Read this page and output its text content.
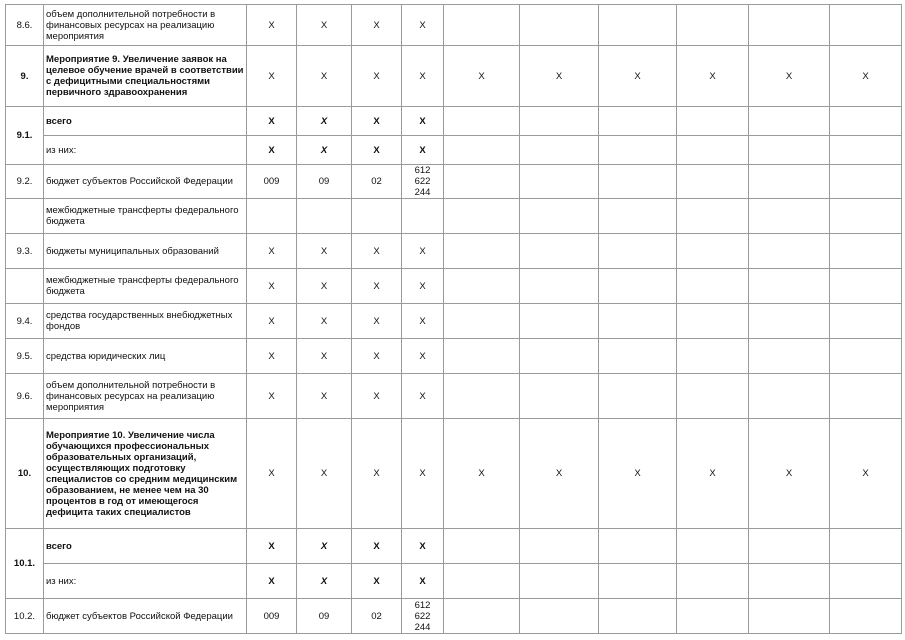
8.6.	объем дополнительной потребности в финансовых ресурсах на реализацию мероприятия	X	X	X	X						
9.	Мероприятие 9. Увеличение заявок на целевое обучение врачей в соответствии с дефицитными специальностями первичного здравоохранения	X	X	X	X	X	X	X	X	X	X
9.1.	всего	X	X	X	X						
	из них:	X	X	X	X						
9.2.	бюджет субъектов Российской Федерации	009	09	02	612
622
244						

	межбюджетные трансферты федерального бюджета										
9.3.	бюджеты муниципальных образований	X	X	X	X						
	межбюджетные трансферты федерального бюджета	X	X	X	X						
9.4.	средства государственных внебюджетных фондов	X	X	X	X						
9.5.	средства юридических лиц	X	X	X	X						
9.6.	объем дополнительной потребности в финансовых ресурсах на реализацию мероприятия	X	X	X	X						
10.	Мероприятие 10. Увеличение числа обучающихся профессиональных образовательных организаций, осуществляющих подготовку специалистов со средним медицинским образованием, не менее чем на 30 процентов в год от имеющегося дефицита таких специалистов	X	X	X	X	X	X	X	X	X	X
10.1.	всего	X	X	X	X						
	из них:	X	X	X	X						
10.2.	бюджет субъектов Российской Федерации	009	09	02	612
622
244						
